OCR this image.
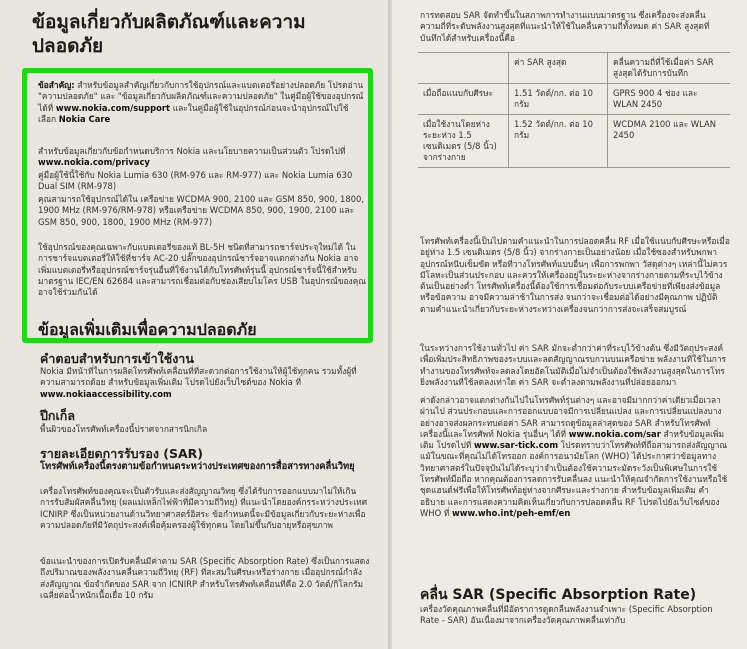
ข้อมูลเกี่ยวกับผลิตภัณฑ์และความปลอดภัย
ข้อสำคัญ: สำหรับข้อมูลสำคัญเกี่ยวกับการใช้อุปกรณ์และแบตเตอรี่อย่างปลอดภัย โปรดอ่าน "ความปลอดภัย" และ "ข้อมูลเกี่ยวกับผลิตภัณฑ์และความปลอดภัย" ในคู่มือผู้ใช้ของอุปกรณ์ได้ที่ www.nokia.com/support และในคู่มือผู้ใช้ในอุปกรณ์ก่อนจะนำอุปกรณ์ไปใช้ เลือก Nokia Care
สำหรับข้อมูลเกี่ยวกับข้อกำหนดบริการ Nokia และนโยบายความเป็นส่วนตัว โปรดไปที่ www.nokia.com/privacy
คู่มือผู้ใช้นี้ใช้กับ Nokia Lumia 630 (RM-976 และ RM-977) และ Nokia Lumia 630 Dual SIM (RM-978)
คุณสามารถใช้อุปกรณ์ได้ใน เครือข่าย WCDMA 900, 2100 และ GSM 850, 900, 1800, 1900 MHz (RM-976/RM-978) หรือเครือข่าย WCDMA 850, 900, 1900, 2100 และ GSM 850, 900, 1800, 1900 MHz (RM-977)
ใช้อุปกรณ์ของคุณเฉพาะกับแบตเตอรี่ของแท้ BL-5H ชนิดที่สามารถชาร์จประจุใหม่ได้ ในการชาร์จแบตเตอรี่ให้ใช้ที่ชาร์จ AC-20 ปลั๊กของอุปกรณ์ชาร์จอาจแตกต่างกัน Nokia อาจเพิ่มแบตเตอรี่หรืออุปกรณ์ชาร์จรุ่นอื่นที่ใช้งานได้กับโทรศัพท์รุ่นนี้ อุปกรณ์ชาร์จนี้ใช้สำหรับมาตรฐาน IEC/EN 62684 และสามารถเชื่อมต่อกับช่องเสียบไมโคร USB ในอุปกรณ์ของคุณ อาจใช้ร่วมกันได้
ข้อมูลเพิ่มเติมเพื่อความปลอดภัย
คำตอบสำหรับการเข้าใช้งาน
Nokia มีหน้าที่ในการผลิตโทรศัพท์เคลื่อนที่ที่สะดวกต่อการใช้งานให้ผู้ใช้ทุกคน รวมทั้งผู้ที่ความสามารถด้อย สำหรับข้อมูลเพิ่มเติม โปรดไปยังเว็บไซต์ของ Nokia ที่ www.nokiaaccessibility.com
ปีกเก็ล
พื้นผิวของโทรศัพท์เครื่องนี้ปราศจากสารนิกเกิล
รายละเอียดการรับรอง (SAR)
โทรศัพท์เครื่องนี้ตรงตามข้อกำหนดระหว่างประเทศของการสื่อสารทางคลื่นวิทยุ
เครื่องโทรศัพท์ของคุณจะเป็นตัวรับและส่งสัญญาณวิทยุ ซึ่งได้รับการออกแบบมาไม่ให้เกินการรับสัมผัสคลื่นวิทยุ (ผลแม่เหล็กไฟฟ้าที่มีความถี่วิทยุ) ที่แนะนำโดยองค์กรระหว่างประเทศ ICNIRP ซึ่งเป็นหน่วยงานด้านวิทยาศาสตร์อิสระ ข้อกำหนดนี้จะมีข้อมูลเกี่ยวกับระยะห่างเพื่อความปลอดภัยที่มีวัตถุประสงค์เพื่อคุ้มครองผู้ใช้ทุกคน โดยไม่ขึ้นกับอายุหรือสุขภาพ
ข้อแนะนำของการเปิดรับคลื่นมีค่าตาม SAR (Specific Absorption Rate) ซึ่งเป็นการแสดงถึงปริมาณของพลังงานคลื่นความถี่วิทยุ (RF) ที่สะสมในศีรษะหรือร่างกาย เมื่ออุปกรณ์กำลังส่งสัญญาณ ข้อจำกัดของ SAR จาก ICNIRP สำหรับโทรศัพท์เคลื่อนที่คือ 2.0 วัตต์/กิโลกรัม เฉลี่ยต่อน้ำหนักเนื้อเยื่อ 10 กรัม
การทดสอบ SAR จัดทำขึ้นในสภาพการทำงานแบบมาตรฐาน ซึ่งเครื่องจะส่งคลื่นความถี่ที่ระดับพลังงานสูงสุดที่แนะนำให้ใช้ในคลื่นความถี่ทั้งหมด ค่า SAR สูงสุดที่บันทึกได้สำหรับเครื่องนี้คือ
	ค่า SAR สูงสุด	คลื่นความถี่ที่ใช้เมื่อค่า SAR สูงสุดได้รับการบันทึก
เมื่อถือแนบกับศีรษะ	1.51 วัตต์/กก. ต่อ 10 กรัม	GPRS 900 4 ช่อง และ WLAN 2450
เมื่อใช้งานโดยห่างระยะห่าง 1.5 เซนติเมตร (5/8 นิ้ว) จากร่างกาย	1.52 วัตต์/กก. ต่อ 10 กรัม	WCDMA 2100 และ WLAN 2450
โทรศัพท์เครื่องนี้เป็นไปตามคำแนะนำในการปลอดคลื่น RF เมื่อใช้แนบกับศีรษะหรือเมื่ออยู่ห่าง 1.5 เซนติเมตร (5/8 นิ้ว) จากร่างกายเป็นอย่างน้อย เมื่อใช้ซองสำหรับพกพา อุปกรณ์หนีบเข็มขัด หรือที่วางโทรศัพท์แบบอื่นๆ เพื่อการพกพา วัสดุต่างๆ เหล่านี้ไม่ควรมีโลหะเป็นส่วนประกอบ และควรให้เครื่องอยู่ในระยะห่างจากร่างกายตามที่ระบุไว้ข้างต้นเป็นอย่างต่ำ โทรศัพท์เครื่องนี้ต้องใช้การเชื่อมต่อกับระบบเครือข่ายที่เพียงส่งข้อมูลหรือข้อความ อาจมีความล่าช้าในการส่ง จนกว่าจะเชื่อมต่อได้อย่างมีคุณภาพ ปฏิบัติตามคำแนะนำเกี่ยวกับระยะห่างระหว่างเครื่องจนกว่าการส่งจะเสร็จสมบูรณ์
ในระหว่างการใช้งานทั่วไป ค่า SAR มักจะต่ำกว่าค่าที่ระบุไว้ข้างต้น ซึ่งมีวัตถุประสงค์เพื่อเพิ่มประสิทธิภาพของระบบและลดสัญญาณรบกวนบนเครือข่าย พลังงานที่ใช้ในการทำงานของโทรศัพท์จะลดลงโดยอัตโนมัติเมื่อไม่จำเป็นต้องใช้พลังงานสูงสุดในการโทร ยิ่งพลังงานที่ใช้ลดลงเท่าใด ค่า SAR จะต่ำลงตามพลังงานที่ปล่อยออกมา
ค่าดังกล่าวอาจแตกต่างกันไปในโทรศัพท์รุ่นต่างๆ และอาจมีมากกว่าค่าเดียวเมื่อเวลาผ่านไป ส่วนประกอบและการออกแบบอาจมีการเปลี่ยนแปลง และการเปลี่ยนแปลงบางอย่างอาจส่งผลกระทบต่อค่า SAR สามารถดูข้อมูลล่าสุดของ SAR สำหรับโทรศัพท์เครื่องนี้และโทรศัพท์ Nokia รุ่นอื่นๆ ได้ที่ www.nokia.com/sar สำหรับข้อมูลเพิ่มเติม โปรดไปที่ www.sar-tick.com โปรดทราบว่าโทรศัพท์ที่ถือสามารถส่งสัญญาณแม้ในขณะที่คุณไม่ได้โทรออก องค์การอนามัยโลก (WHO) ได้ประกาศว่าข้อมูลทางวิทยาศาสตร์ในปัจจุบันไม่ได้ระบุว่าจำเป็นต้องใช้ความระมัดระวังเป็นพิเศษในการใช้โทรศัพท์มือถือ หากคุณต้องการลดการรับคลื่นลง แนะนำให้คุณจำกัดการใช้งานหรือใช้ชุดแฮนด์ฟรีเพื่อให้โทรศัพท์อยู่ห่างจากศีรษะและร่างกาย สำหรับข้อมูลเพิ่มเติม คำอธิบาย และการแสดงความคิดเห็นเกี่ยวกับการปลอดคลื่น RF โปรดไปยังเว็บไซต์ของ WHO ที่ www.who.int/peh-emf/en
คลื่น SAR (Specific Absorption Rate)
เครื่องวัดคุณภาพคลื่นที่มีอัตราการดูดกลืนพลังงานจำเพาะ (Specific Absorption Rate - SAR) อันเนื่องมาจากเครื่องวัดคุณภาพคลื่นเท่ากับ
